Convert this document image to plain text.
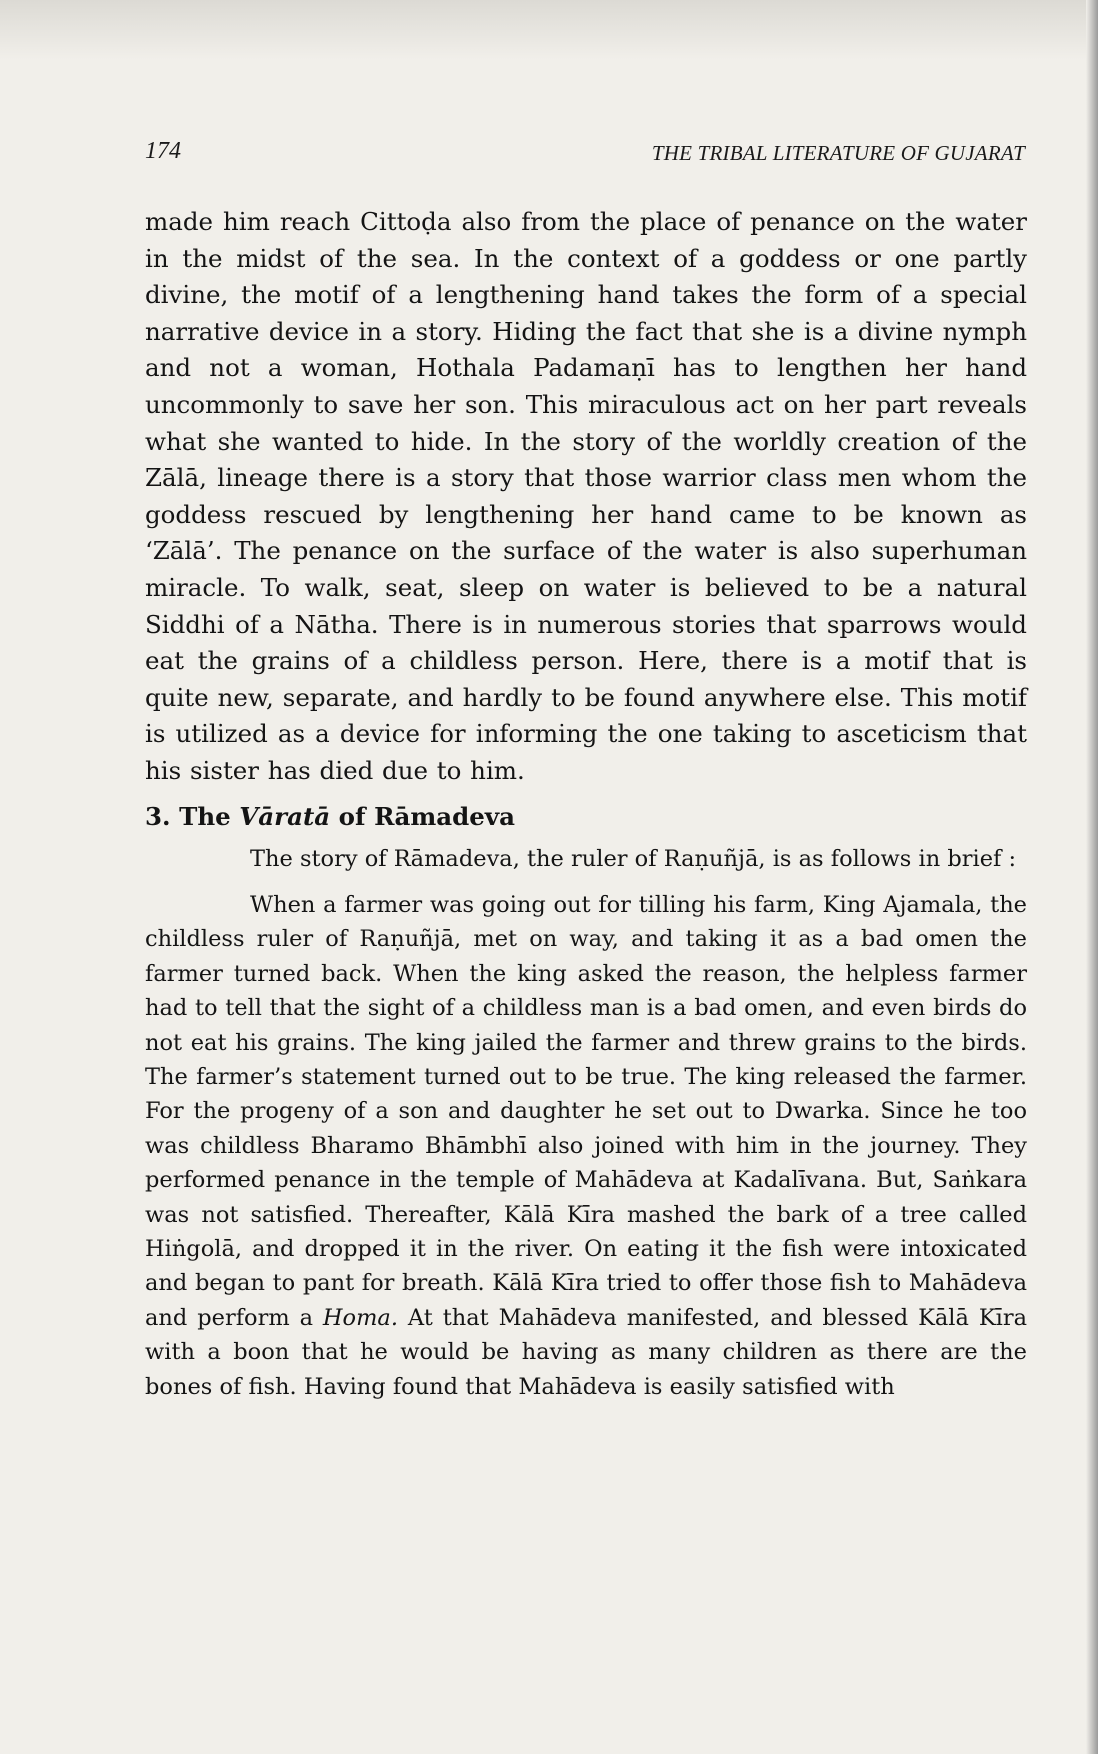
174	THE TRIBAL LITERATURE OF GUJARAT

made him reach Cittoḍa also from the place of penance on the water in the midst of the sea. In the context of a goddess or one partly divine, the motif of a lengthening hand takes the form of a special narrative device in a story. Hiding the fact that she is a divine nymph and not a woman, Hothala Padamaṇī has to lengthen her hand uncommonly to save her son. This miraculous act on her part reveals what she wanted to hide. In the story of the worldly creation of the Zālā, lineage there is a story that those warrior class men whom the goddess rescued by lengthening her hand came to be known as ‘Zālā’. The penance on the surface of the water is also superhuman miracle. To walk, seat, sleep on water is believed to be a natural Siddhi of a Nātha. There is in numerous stories that sparrows would eat the grains of a childless person. Here, there is a motif that is quite new, separate, and hardly to be found anywhere else. This motif is utilized as a device for informing the one taking to asceticism that his sister has died due to him.

3. The Vāratā of Rāmadeva

The story of Rāmadeva, the ruler of Raṇuñjā, is as follows in brief :

When a farmer was going out for tilling his farm, King Ajamala, the childless ruler of Raṇuñjā, met on way, and taking it as a bad omen the farmer turned back. When the king asked the reason, the helpless farmer had to tell that the sight of a childless man is a bad omen, and even birds do not eat his grains. The king jailed the farmer and threw grains to the birds. The farmer’s statement turned out to be true. The king released the farmer. For the progeny of a son and daughter he set out to Dwarka. Since he too was childless Bharamo Bhāmbhī also joined with him in the journey. They performed penance in the temple of Mahādeva at Kadalīvana. But, Saṅkara was not satisfied. Thereafter, Kālā Kīra mashed the bark of a tree called Hiṅgolā, and dropped it in the river. On eating it the fish were intoxicated and began to pant for breath. Kālā Kīra tried to offer those fish to Mahādeva and perform a Homa. At that Mahādeva manifested, and blessed Kālā Kīra with a boon that he would be having as many children as there are the bones of fish. Having found that Mahādeva is easily satisfied with
